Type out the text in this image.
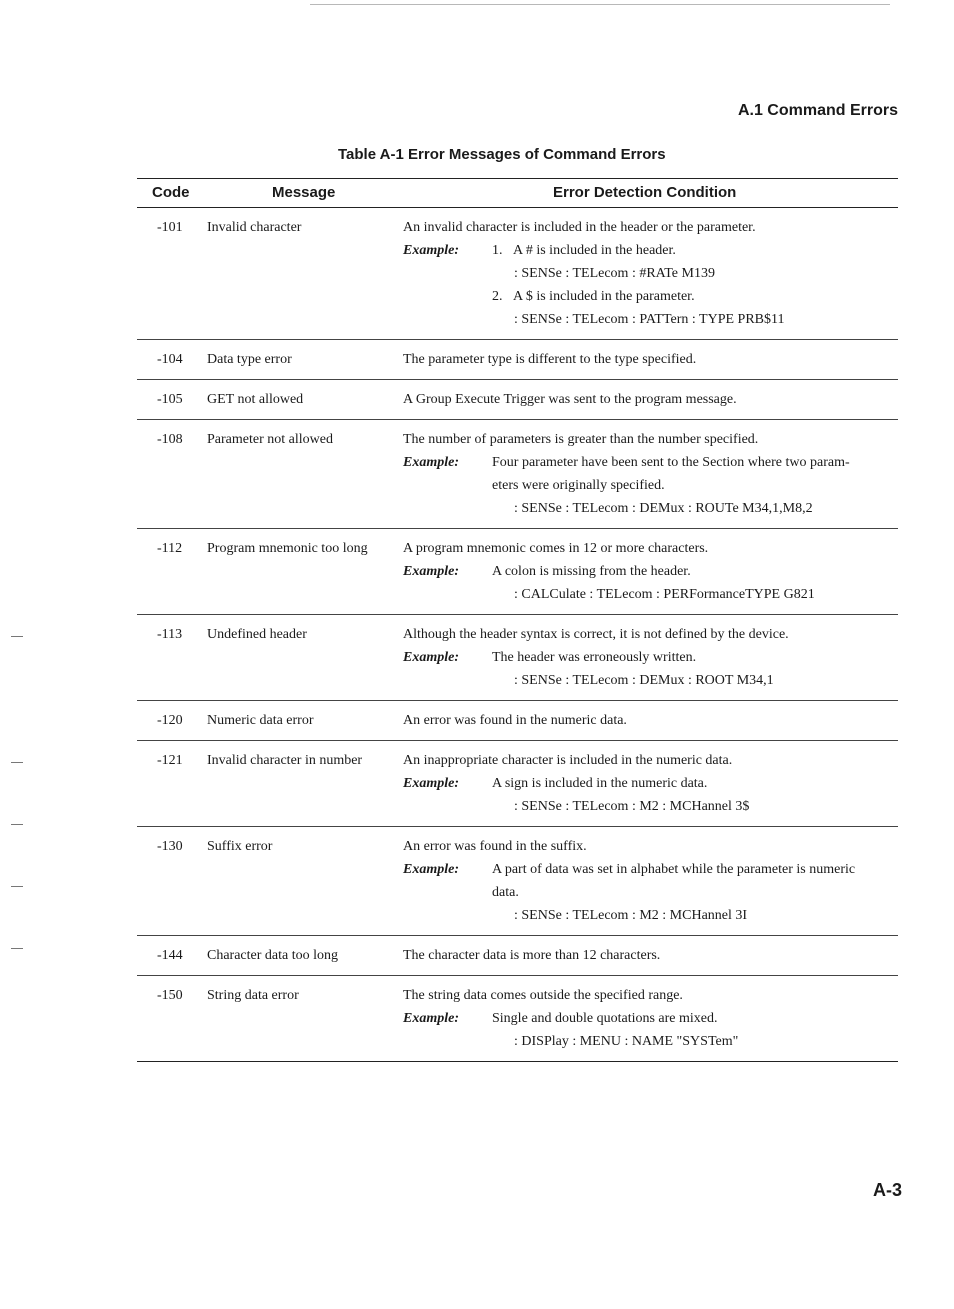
A.1 Command Errors
Table A-1 Error Messages of Command Errors
Code	Message	Error Detection Condition
-101 Invalid character	An invalid character is included in the header or the parameter.
Example: 1. A # is included in the header.
: SENSe : TELecom : #RATe M139
2. A $ is included in the parameter.
: SENSe : TELecom : PATTern : TYPE PRB$11
-104 Data type error	The parameter type is different to the type specified.
-105 GET not allowed	A Group Execute Trigger was sent to the program message.
-108 Parameter not allowed	The number of parameters is greater than the number specified.
Example: Four parameter have been sent to the Section where two param-
eters were originally specified.
: SENSe : TELecom : DEMux : ROUTe M34,1,M8,2
-112 Program mnemonic too long	A program mnemonic comes in 12 or more characters.
Example: A colon is missing from the header.
: CALCulate : TELecom : PERFormanceTYPE G821
-113 Undefined header	Although the header syntax is correct, it is not defined by the device.
Example: The header was erroneously written.
: SENSe : TELecom : DEMux : ROOT M34,1
-120 Numeric data error	An error was found in the numeric data.
-121 Invalid character in number	An inappropriate character is included in the numeric data.
Example: A sign is included in the numeric data.
: SENSe : TELecom : M2 : MCHannel 3$
-130 Suffix error	An error was found in the suffix.
Example: A part of data was set in alphabet while the parameter is numeric
data.
: SENSe : TELecom : M2 : MCHannel 3I
-144 Character data too long	The character data is more than 12 characters.
-150 String data error	The string data comes outside the specified range.
Example: Single and double quotations are mixed.
: DISPlay : MENU : NAME "SYSTem"
A-3
